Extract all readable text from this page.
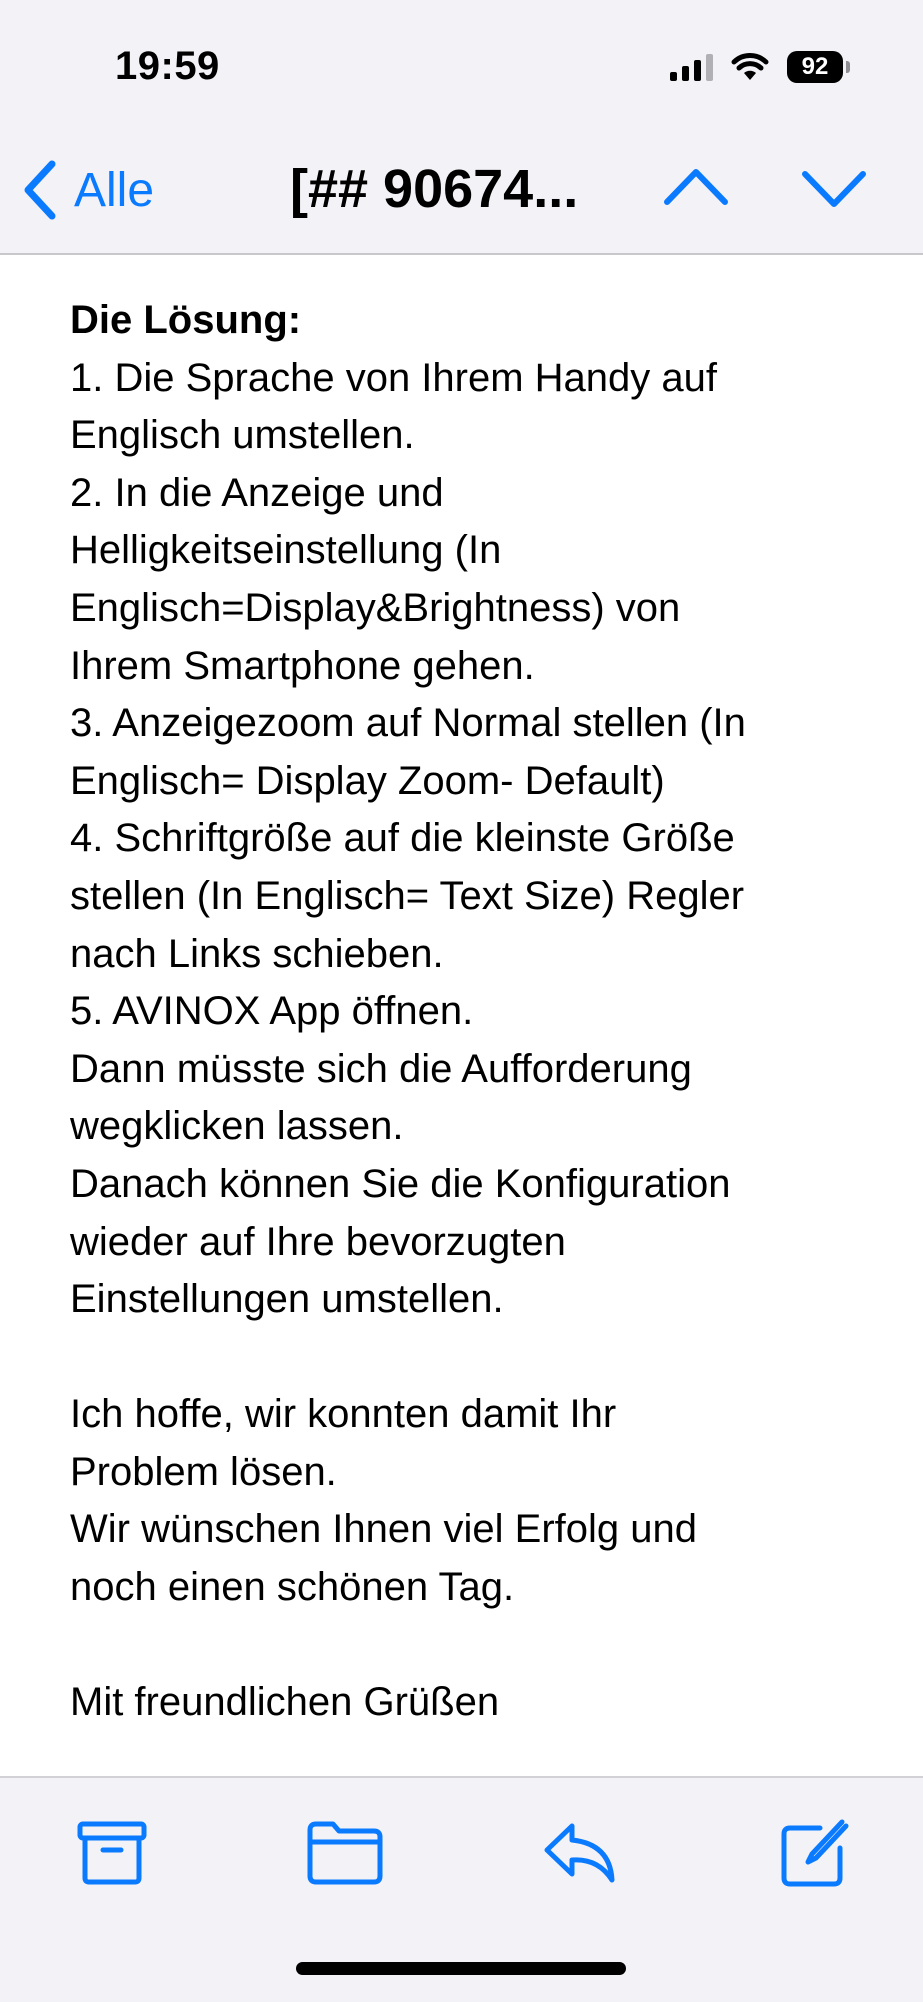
19:59	92
Alle	[## 90674...
Die Lösung:
1. Die Sprache von Ihrem Handy auf
Englisch umstellen.
2. In die Anzeige und
Helligkeitseinstellung (In
Englisch=Display&Brightness) von
Ihrem Smartphone gehen.
3. Anzeigezoom auf Normal stellen (In
Englisch= Display Zoom- Default)
4. Schriftgröße auf die kleinste Größe
stellen (In Englisch= Text Size) Regler
nach Links schieben.
5. AVINOX App öffnen.
Dann müsste sich die Aufforderung
wegklicken lassen.
Danach können Sie die Konfiguration
wieder auf Ihre bevorzugten
Einstellungen umstellen.
Ich hoffe, wir konnten damit Ihr
Problem lösen.
Wir wünschen Ihnen viel Erfolg und
noch einen schönen Tag.
Mit freundlichen Grüßen
